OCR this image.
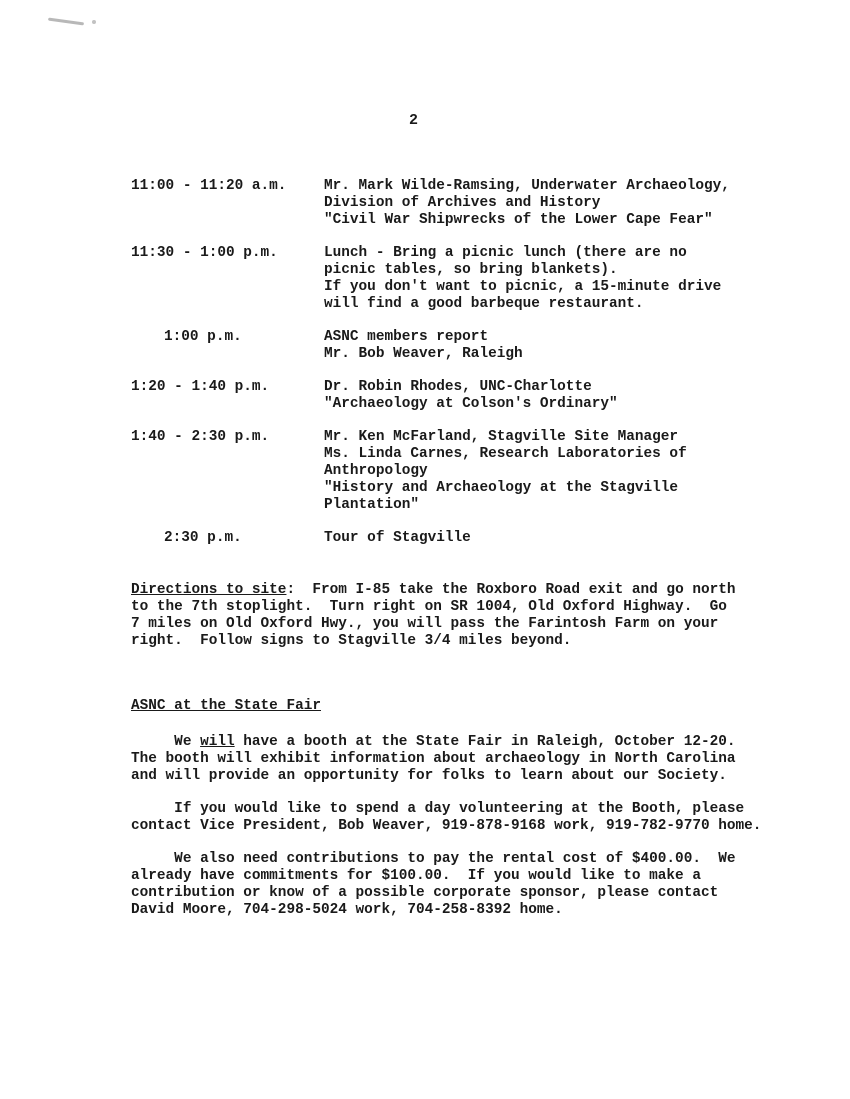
2
11:00 - 11:20 a.m.	Mr. Mark Wilde-Ramsing, Underwater Archaeology,
Division of Archives and History
"Civil War Shipwrecks of the Lower Cape Fear"
11:30 - 1:00 p.m.	Lunch - Bring a picnic lunch (there are no
picnic tables, so bring blankets).
If you don't want to picnic, a 15-minute drive
will find a good barbeque restaurant.
1:00 p.m.	ASNC members report
Mr. Bob Weaver, Raleigh
1:20 - 1:40 p.m.	Dr. Robin Rhodes, UNC-Charlotte
"Archaeology at Colson's Ordinary"
1:40 - 2:30 p.m.	Mr. Ken McFarland, Stagville Site Manager
Ms. Linda Carnes, Research Laboratories of
Anthropology
"History and Archaeology at the Stagville
Plantation"
2:30 p.m.	Tour of Stagville
Directions to site:  From I-85 take the Roxboro Road exit and go north
to the 7th stoplight.  Turn right on SR 1004, Old Oxford Highway.  Go
7 miles on Old Oxford Hwy., you will pass the Farintosh Farm on your
right.  Follow signs to Stagville 3/4 miles beyond.
ASNC at the State Fair
We will have a booth at the State Fair in Raleigh, October 12-20.
The booth will exhibit information about archaeology in North Carolina
and will provide an opportunity for folks to learn about our Society.
If you would like to spend a day volunteering at the Booth, please
contact Vice President, Bob Weaver, 919-878-9168 work, 919-782-9770 home.
We also need contributions to pay the rental cost of $400.00.  We
already have commitments for $100.00.  If you would like to make a
contribution or know of a possible corporate sponsor, please contact
David Moore, 704-298-5024 work, 704-258-8392 home.
